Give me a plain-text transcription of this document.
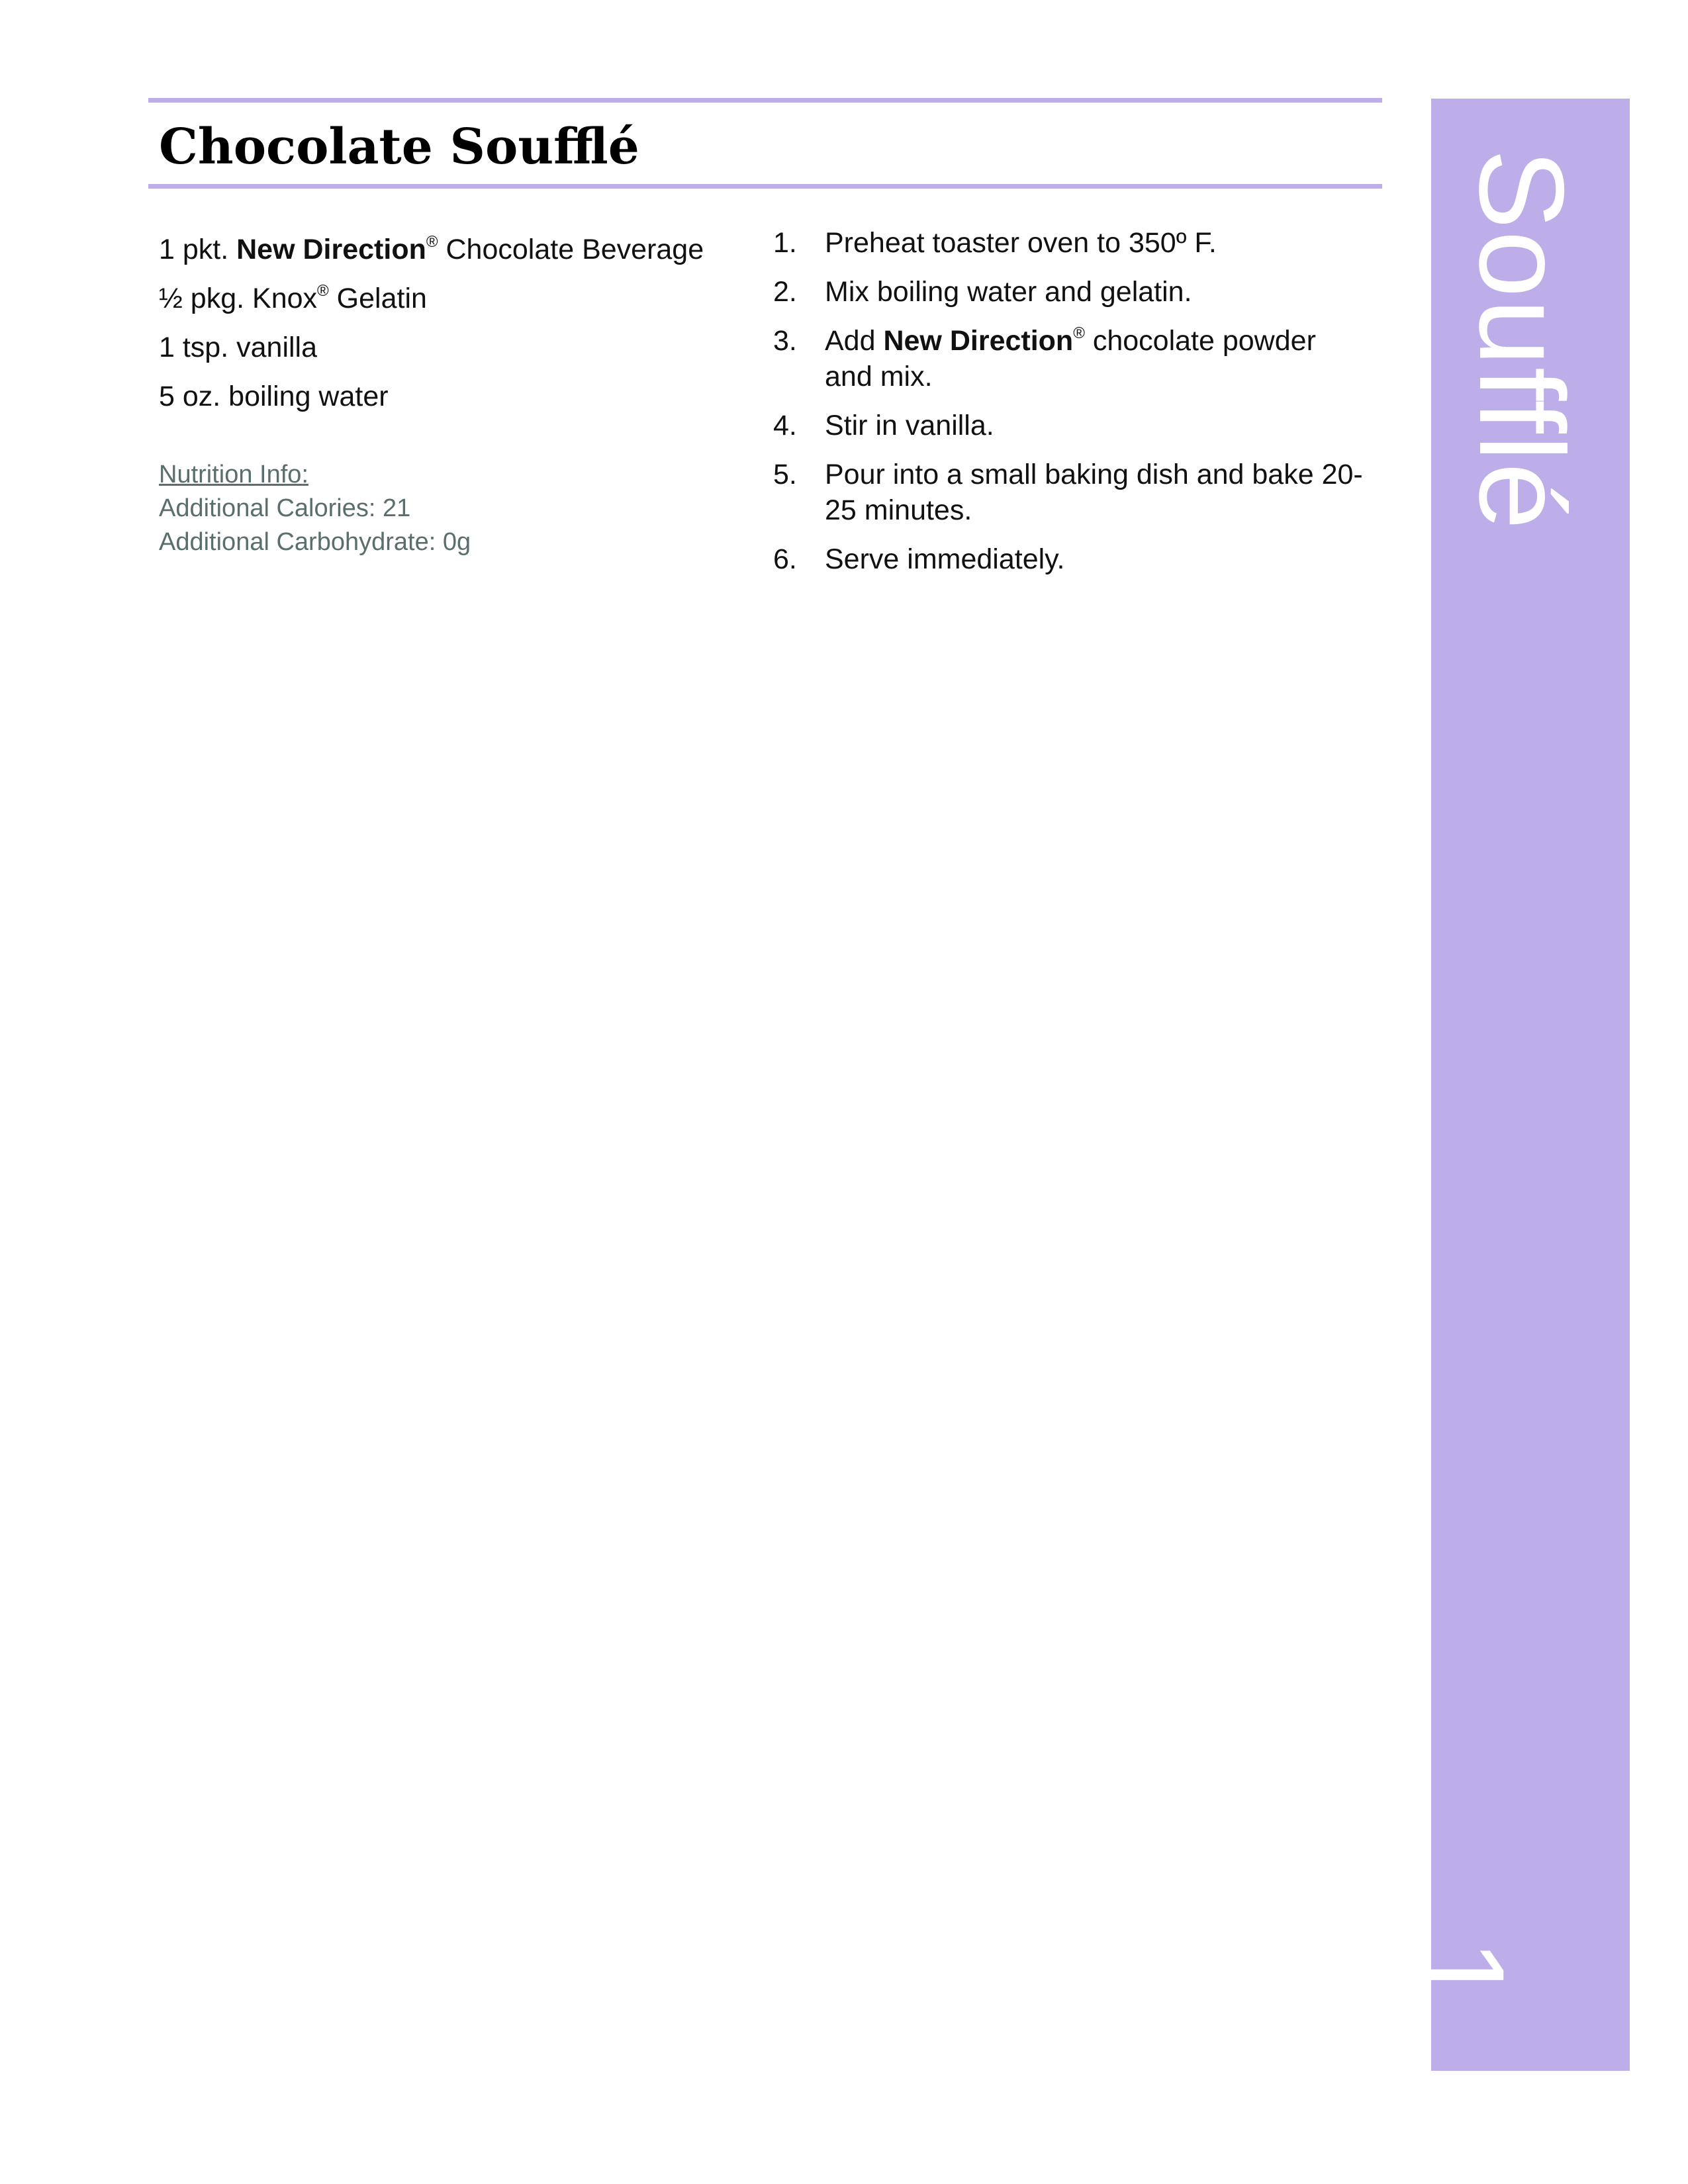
Chocolate Soufflé
1 pkt. New Direction® Chocolate Beverage
½ pkg. Knox® Gelatin
1 tsp. vanilla
5 oz. boiling water
Nutrition Info:
Additional Calories: 21
Additional Carbohydrate: 0g
1. Preheat toaster oven to 350º F.
2. Mix boiling water and gelatin.
3. Add New Direction® chocolate powder and mix.
4. Stir in vanilla.
5. Pour into a small baking dish and bake 20-25 minutes.
6. Serve immediately.
Soufflé
1
